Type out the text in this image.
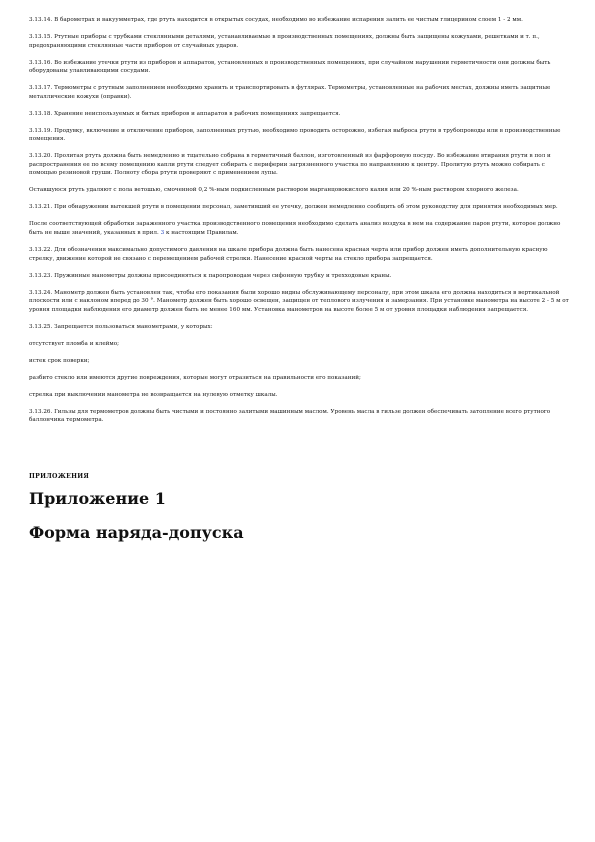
3.13.14. В барометрах и вакуумметрах, где ртуть находится в открытых сосудах, необходимо во избежание испарения залить ее чистым глицерином слоем 1 - 2 мм.

3.13.15. Ртутные приборы с трубками стеклянными деталями, устанавливаемые в производственных помещениях, должны быть защищены кожухами, решетками и т. п., предохраняющими стеклянные части приборов от случайных ударов.

3.13.16. Во избежание утечки ртути из приборов и аппаратов, установленных в производственных помещениях, при случайном нарушении герметичности они должны быть оборудованы улавливающими сосудами.

3.13.17. Термометры с ртутным заполнением необходимо хранить и транспортировать в футлярах. Термометры, установленные на рабочих местах, должны иметь защитные металлические кожухи (оправки).

3.13.18. Хранение неиспользуемых и битых приборов и аппаратов в рабочих помещениях запрещается.

3.13.19. Продувку, включение и отключение приборов, заполненных ртутью, необходимо проводить осторожно, избегая выброса ртути в трубопроводы или в производственные помещения.

3.13.20. Пролитая ртуть должна быть немедленно и тщательно собрана в герметичный баллон, изготовленный из фарфоровую посуду. Во избежание втирания ртути в пол и распространения ее по всему помещению капли ртути следует собирать с периферии загрязненного участка по направлению к центру. Пролитую ртуть можно собирать с помощью резиновой груши. Полноту сбора ртути проверяют с применением лупы.

Оставшуюся ртуть удаляют с пола ветошью, смоченной 0,2 %-ным подкисленным раствором марганцовокислого калия или 20 %-ным раствором хлорного железа.

3.13.21. При обнаружении вытекшей ртути в помещении персонал, заметивший ее утечку, должен немедленно сообщить об этом руководству для принятия необходимых мер.

После соответствующей обработки зараженного участка производственного помещения необходимо сделать анализ воздуха в нем на содержание паров ртути, которое должно быть не выше значений, указанных в прил. 3 к настоящим Правилам.

3.13.22. Для обозначения максимально допустимого давления на шкале прибора должна быть нанесена красная черта или прибор должен иметь дополнительную красную стрелку, движение которой не связано с перемещением рабочей стрелки. Нанесение красной черты на стекло прибора запрещается.

3.13.23. Пружинные манометры должны присоединяться к паропроводам через сифонную трубку и трехходовые краны.

3.13.24. Манометр должен быть установлен так, чтобы его показания были хорошо видны обслуживающему персоналу, при этом шкала его должна находиться в вертикальной плоскости или с наклоном вперед до 30 °. Манометр должен быть хорошо освещен, защищен от теплового излучения и замерзания. При установке манометра на высоте 2 - 5 м от уровня площадки наблюдения его диаметр должен быть не менее 160 мм. Установка манометров на высоте более 5 м от уровня площадки наблюдения запрещается.

3.13.25. Запрещается пользоваться манометрами, у которых:

отсутствует пломба и клеймо;

истек срок поверки;

разбито стекло или имеются другие повреждения, которые могут отразиться на правильности его показаний;

стрелка при выключении манометра не возвращается на нулевую отметку шкалы.

3.13.26. Гильзы для термометров должны быть чистыми и постоянно залитыми машинным маслом. Уровень масла в гильзе должен обеспечивать затопление всего ртутного баллончика термометра.

ПРИЛОЖЕНИЯ
Приложение 1
Форма наряда-допуска
